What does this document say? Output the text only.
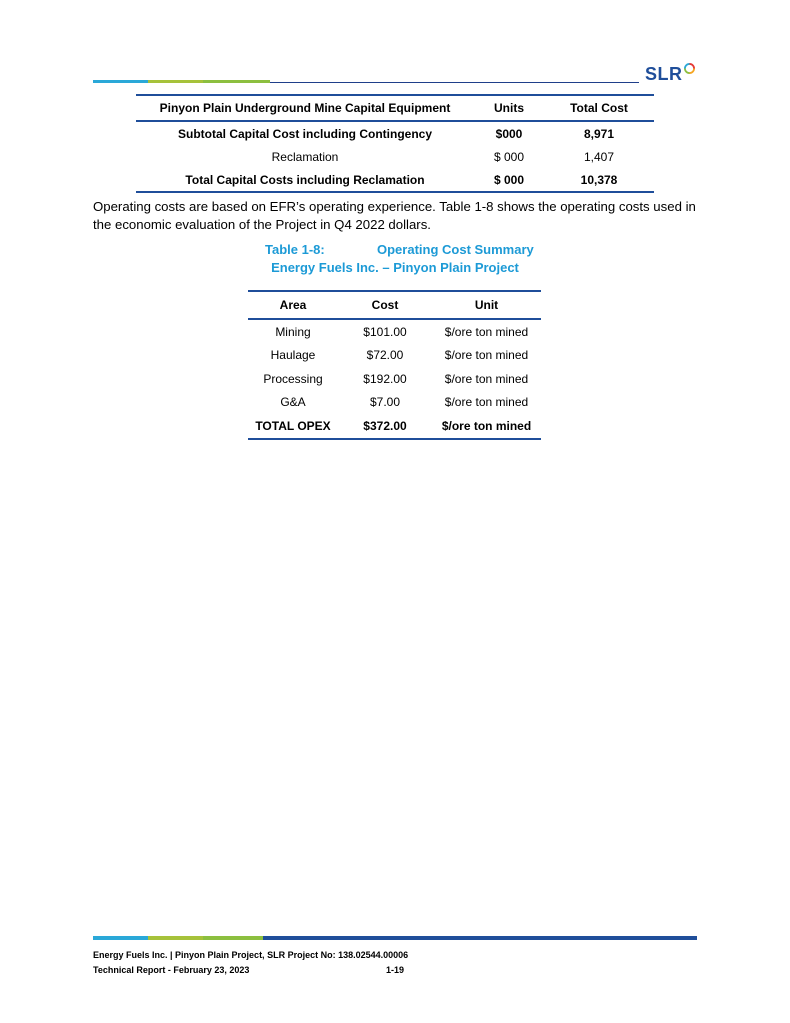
SLR
Pinyon Plain Underground Mine Capital Equipment	Units	Total Cost
Subtotal Capital Cost including Contingency	$000	8,971
Reclamation	$ 000	1,407
Total Capital Costs including Reclamation	$ 000	10,378
Operating costs are based on EFR’s operating experience. Table 1-8 shows the operating costs used in the economic evaluation of the Project in Q4 2022 dollars.
Table 1-8:	Operating Cost Summary
Energy Fuels Inc. – Pinyon Plain Project
Area	Cost	Unit
Mining	$101.00	$/ore ton mined
Haulage	$72.00	$/ore ton mined
Processing	$192.00	$/ore ton mined
G&A	$7.00	$/ore ton mined
TOTAL OPEX	$372.00	$/ore ton mined
Energy Fuels Inc. | Pinyon Plain Project, SLR Project No: 138.02544.00006
Technical Report - February 23, 2023	1-19
